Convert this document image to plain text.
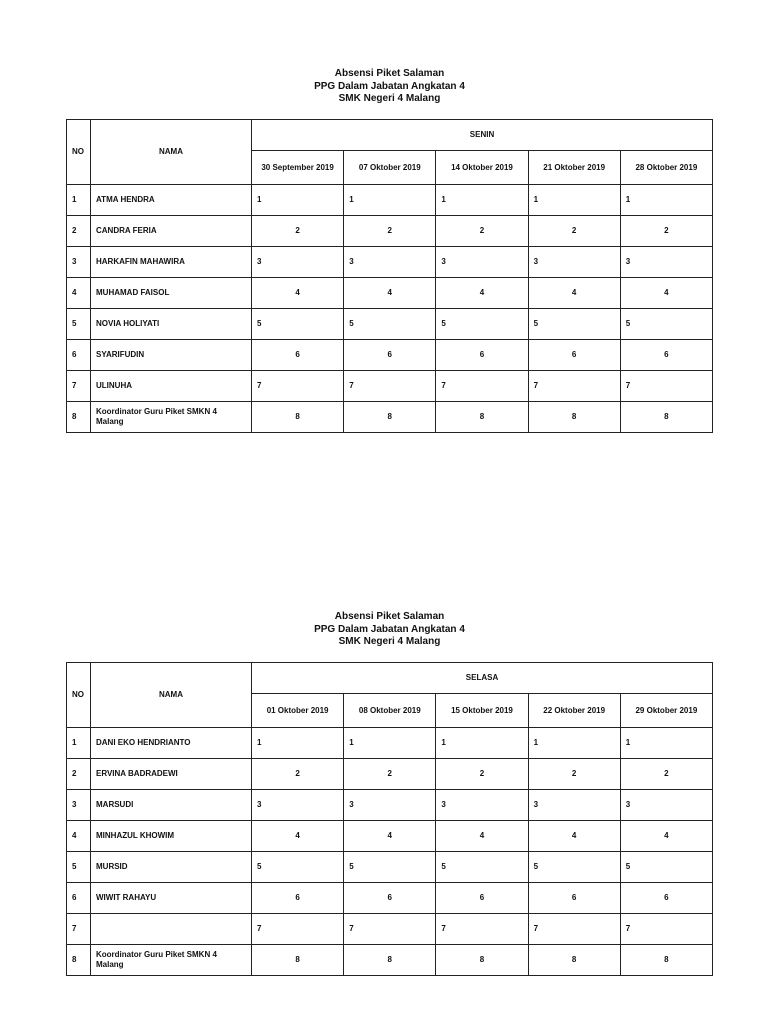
Absensi Piket Salaman
PPG Dalam Jabatan Angkatan 4
SMK Negeri 4 Malang
NO	NAMA	SENIN				
		30 September 2019	07 Oktober 2019	14 Oktober 2019	21 Oktober 2019	28 Oktober 2019
1	ATMA HENDRA	1	1	1	1	1
2	CANDRA FERIA	2	2	2	2	2
3	HARKAFIN MAHAWIRA	3	3	3	3	3
4	MUHAMAD FAISOL	4	4	4	4	4
5	NOVIA HOLIYATI	5	5	5	5	5
6	SYARIFUDIN	6	6	6	6	6
7	ULINUHA	7	7	7	7	7
8	Koordinator Guru Piket SMKN 4 Malang	8	8	8	8	8
Absensi Piket Salaman
PPG Dalam Jabatan Angkatan 4
SMK Negeri 4 Malang
NO	NAMA	SELASA				
		01 Oktober 2019	08 Oktober 2019	15 Oktober 2019	22 Oktober 2019	29 Oktober 2019
1	DANI EKO HENDRIANTO	1	1	1	1	1
2	ERVINA BADRADEWI	2	2	2	2	2
3	MARSUDI	3	3	3	3	3
4	MINHAZUL KHOWIM	4	4	4	4	4
5	MURSID	5	5	5	5	5
6	WIWIT RAHAYU	6	6	6	6	6
7		7	7	7	7	7
8	Koordinator Guru Piket SMKN 4 Malang	8	8	8	8	8
